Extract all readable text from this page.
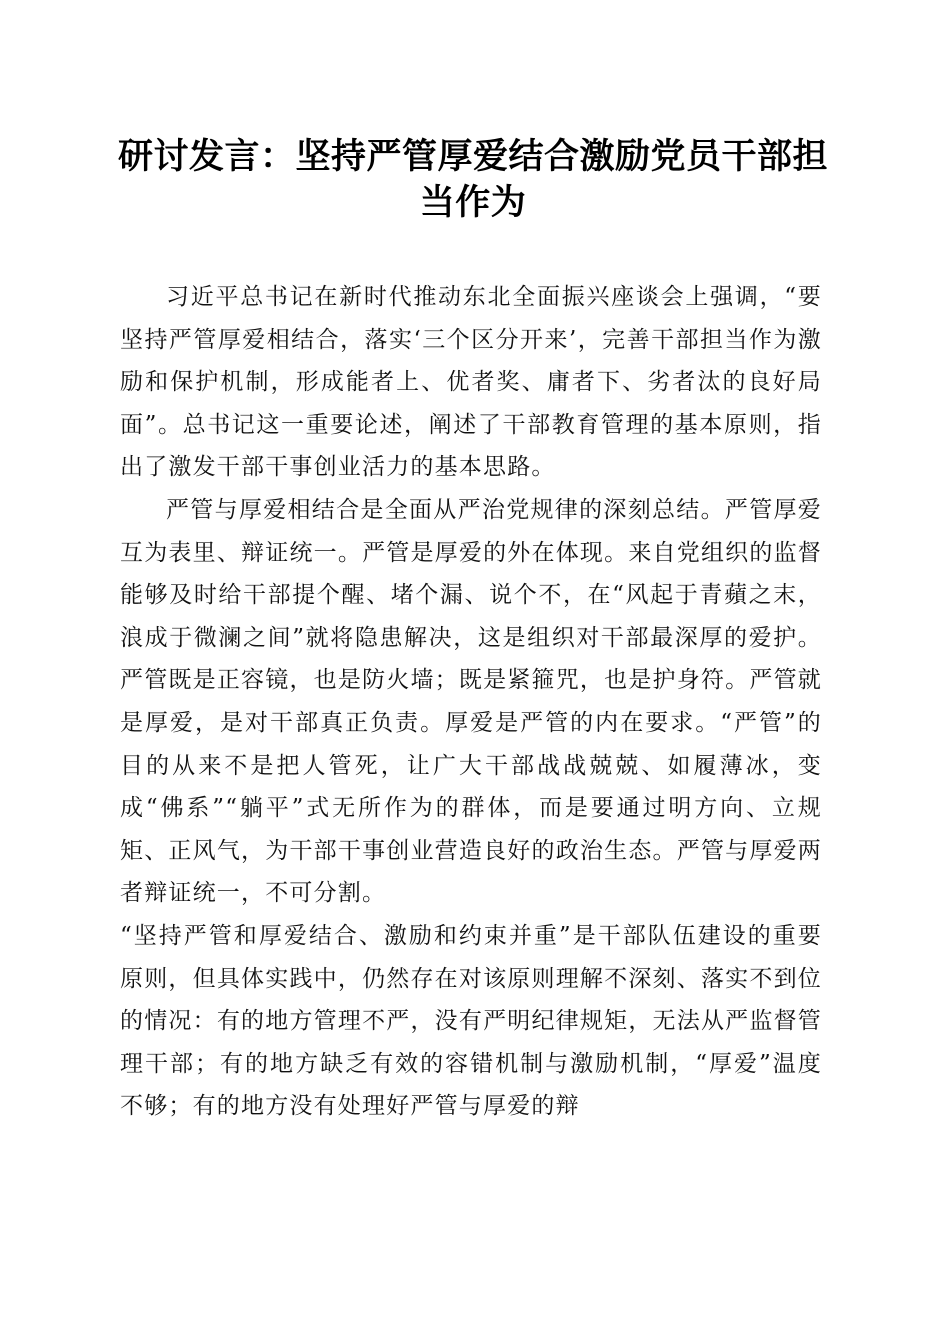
研讨发言：坚持严管厚爱结合激励党员干部担当作为

习近平总书记在新时代推动东北全面振兴座谈会上强调，“要坚持严管厚爱相结合，落实‘三个区分开来’，完善干部担当作为激励和保护机制，形成能者上、优者奖、庸者下、劣者汰的良好局面”。总书记这一重要论述，阐述了干部教育管理的基本原则，指出了激发干部干事创业活力的基本思路。

严管与厚爱相结合是全面从严治党规律的深刻总结。严管厚爱互为表里、辩证统一。严管是厚爱的外在体现。来自党组织的监督能够及时给干部提个醒、堵个漏、说个不，在“风起于青蘋之末，浪成于微澜之间”就将隐患解决，这是组织对干部最深厚的爱护。严管既是正容镜，也是防火墙；既是紧箍咒，也是护身符。严管就是厚爱，是对干部真正负责。厚爱是严管的内在要求。“严管”的目的从来不是把人管死，让广大干部战战兢兢、如履薄冰，变成“佛系”“躺平”式无所作为的群体，而是要通过明方向、立规矩、正风气，为干部干事创业营造良好的政治生态。严管与厚爱两者辩证统一，不可分割。

“坚持严管和厚爱结合、激励和约束并重”是干部队伍建设的重要原则，但具体实践中，仍然存在对该原则理解不深刻、落实不到位的情况：有的地方管理不严，没有严明纪律规矩，无法从严监督管理干部；有的地方缺乏有效的容错机制与激励机制，“厚爱”温度不够；有的地方没有处理好严管与厚爱的辩
